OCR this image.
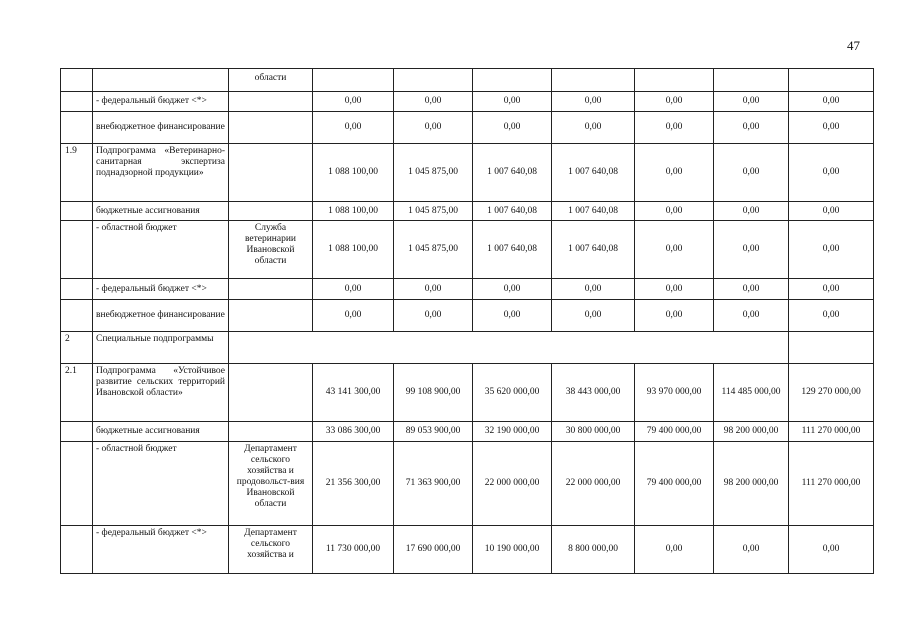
47
		области							
	- федеральный бюджет <*>		0,00	0,00	0,00	0,00	0,00	0,00	0,00
	внебюджетное финансирование		0,00	0,00	0,00	0,00	0,00	0,00	0,00
1.9	Подпрограмма «Ветеринарно-санитарная экспертиза поднадзорной продукции»		1 088 100,00	1 045 875,00	1 007 640,08	1 007 640,08	0,00	0,00	0,00
	бюджетные ассигнования		1 088 100,00	1 045 875,00	1 007 640,08	1 007 640,08	0,00	0,00	0,00
	- областной бюджет	Служба ветеринарии Ивановской области	1 088 100,00	1 045 875,00	1 007 640,08	1 007 640,08	0,00	0,00	0,00
	- федеральный бюджет <*>		0,00	0,00	0,00	0,00	0,00	0,00	0,00
	внебюджетное финансирование		0,00	0,00	0,00	0,00	0,00	0,00	0,00
2	Специальные подпрограммы								
2.1	Подпрограмма «Устойчивое развитие сельских территорий Ивановской области»		43 141 300,00	99 108 900,00	35 620 000,00	38 443 000,00	93 970 000,00	114 485 000,00	129 270 000,00
	бюджетные ассигнования		33 086 300,00	89 053 900,00	32 190 000,00	30 800 000,00	79 400 000,00	98 200 000,00	111 270 000,00
	- областной бюджет	Департамент сельского хозяйства и продовольст-вия Ивановской области	21 356 300,00	71 363 900,00	22 000 000,00	22 000 000,00	79 400 000,00	98 200 000,00	111 270 000,00
	- федеральный бюджет <*>	Департамент сельского хозяйства и	11 730 000,00	17 690 000,00	10 190 000,00	8 800 000,00	0,00	0,00	0,00
